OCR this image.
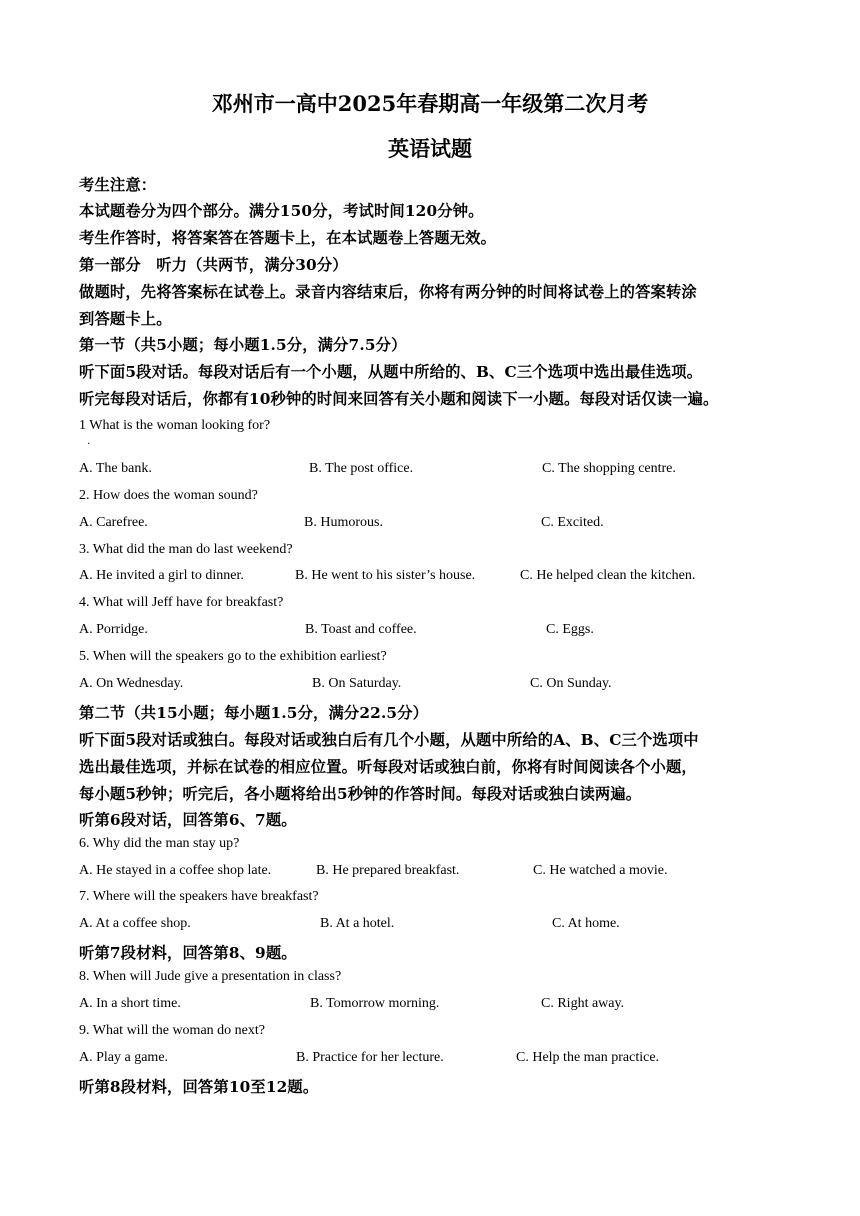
邓州市一高中2025年春期高一年级第二次月考
英语试题
考生注意：
本试题卷分为四个部分。满分150分，考试时间120分钟。
考生作答时，将答案答在答题卡上，在本试题卷上答题无效。
第一部分　听力（共两节，满分30分）
做题时，先将答案标在试卷上。录音内容结束后，你将有两分钟的时间将试卷上的答案转涂
到答题卡上。
第一节（共5小题；每小题1.5分，满分7.5分）
听下面5段对话。每段对话后有一个小题，从题中所给的、B、C三个选项中选出最佳选项。
听完每段对话后，你都有10秒钟的时间来回答有关小题和阅读下一小题。每段对话仅读一遍。
1 What is the woman looking for?
·
A. The bank.	B. The post office.	C. The shopping centre.
2. How does the woman sound?
A. Carefree.	B. Humorous.	C. Excited.
3. What did the man do last weekend?
A. He invited a girl to dinner.	B. He went to his sister’s house.	C. He helped clean the kitchen.
4. What will Jeff have for breakfast?
A. Porridge.	B. Toast and coffee.	C. Eggs.
5. When will the speakers go to the exhibition earliest?
A. On Wednesday.	B. On Saturday.	C. On Sunday.
第二节（共15小题；每小题1.5分，满分22.5分）
听下面5段对话或独白。每段对话或独白后有几个小题，从题中所给的A、B、C三个选项中
选出最佳选项，并标在试卷的相应位置。听每段对话或独白前，你将有时间阅读各个小题，
每小题5秒钟；听完后，各小题将给出5秒钟的作答时间。每段对话或独白读两遍。
听第6段对话，回答第6、7题。
6. Why did the man stay up?
A. He stayed in a coffee shop late.	B. He prepared breakfast.	C. He watched a movie.
7. Where will the speakers have breakfast?
A. At a coffee shop.	B. At a hotel.	C. At home.
听第7段材料，回答第8、9题。
8. When will Jude give a presentation in class?
A. In a short time.	B. Tomorrow morning.	C. Right away.
9. What will the woman do next?
A. Play a game.	B. Practice for her lecture.	C. Help the man practice.
听第8段材料，回答第10至12题。
